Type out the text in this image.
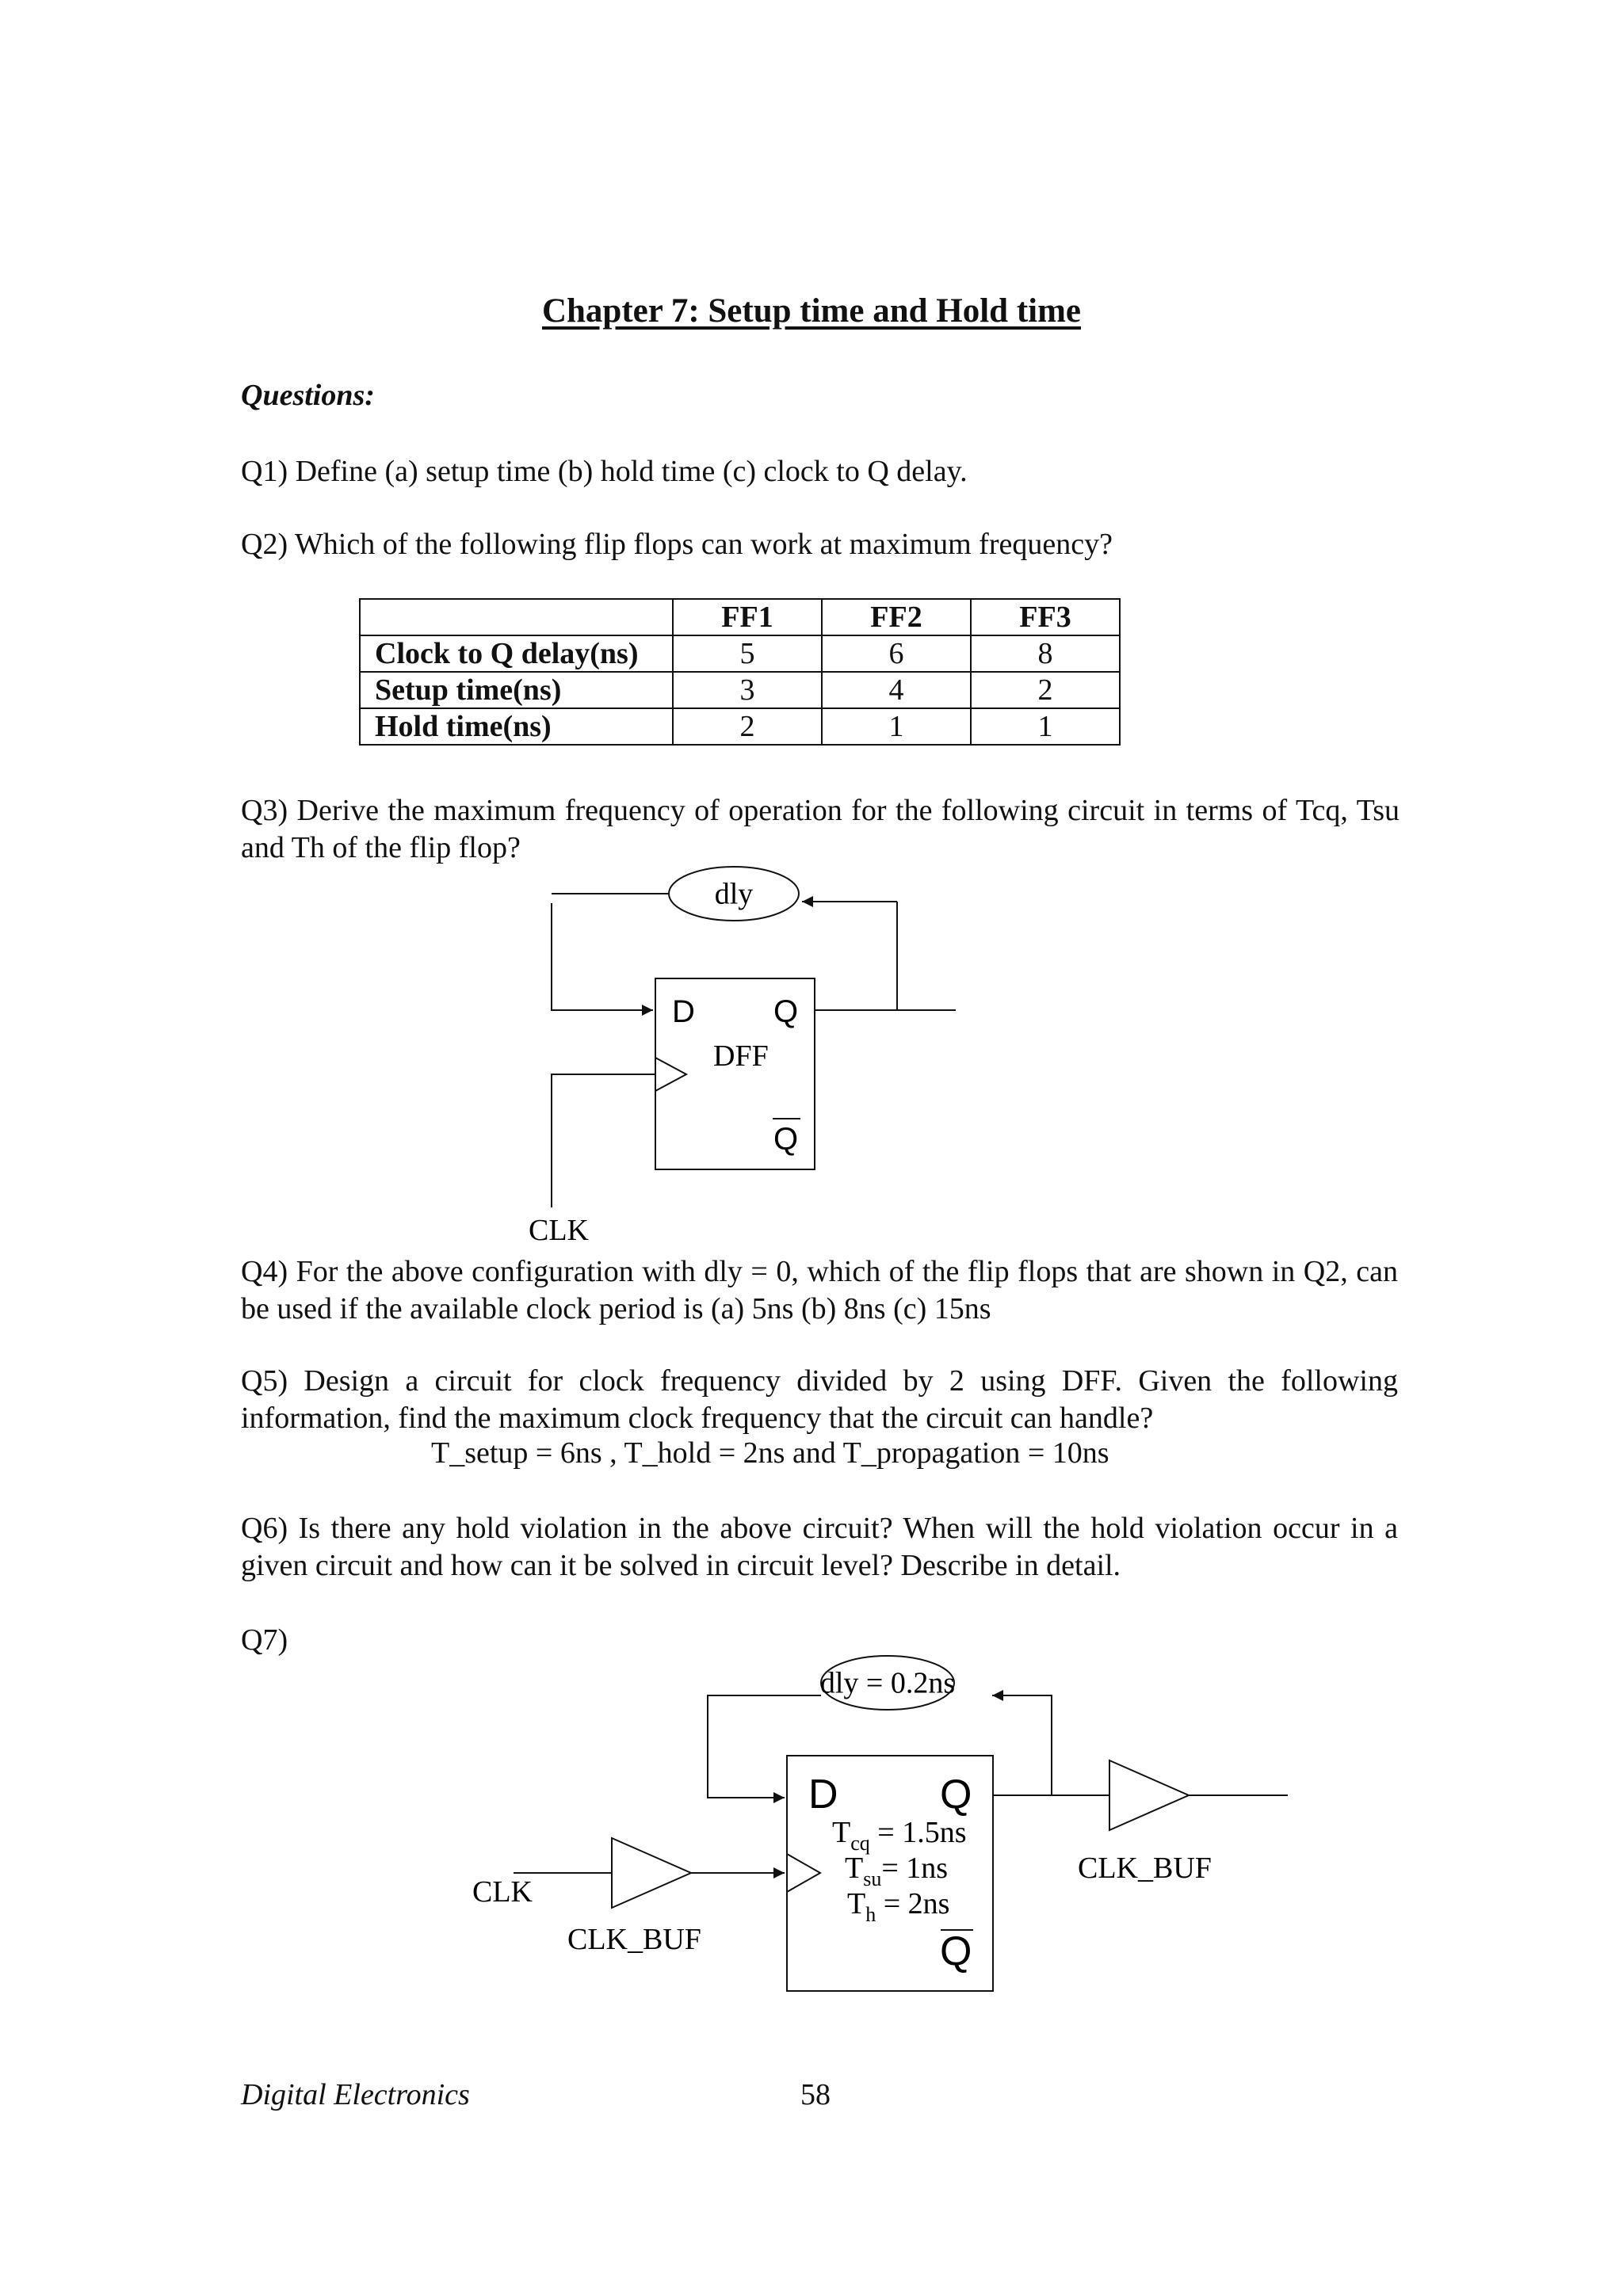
Chapter 7: Setup time and Hold time
Questions:
Q1) Define (a) setup time (b) hold time (c) clock to Q delay.
Q2) Which of the following flip flops can work at maximum frequency?
	FF1	FF2	FF3
Clock to Q delay(ns)	5	6	8
Setup time(ns)	3	4	2
Hold time(ns)	2	1	1
Q3) Derive the maximum frequency of operation for the following circuit in terms of Tcq, Tsu and Th of the flip flop?
dly
D Q
DFF
Q
CLK
Q4) For the above configuration with dly = 0, which of the flip flops that are shown in Q2, can be used if the available clock period is (a) 5ns (b) 8ns (c) 15ns
Q5) Design a circuit for clock frequency divided by 2 using DFF. Given the following information, find the maximum clock frequency that the circuit can handle?
T_setup = 6ns , T_hold = 2ns and T_propagation = 10ns
Q6) Is there any hold violation in the above circuit? When will the hold violation occur in a given circuit and how can it be solved in circuit level? Describe in detail.
Q7)
dly = 0.2ns
D Q
$T_{cq} = 1.5ns$
$T_{su}= 1ns$
$T_h = 2ns$
Q
CLK
CLK_BUF
CLK_BUF
Digital Electronics	58
